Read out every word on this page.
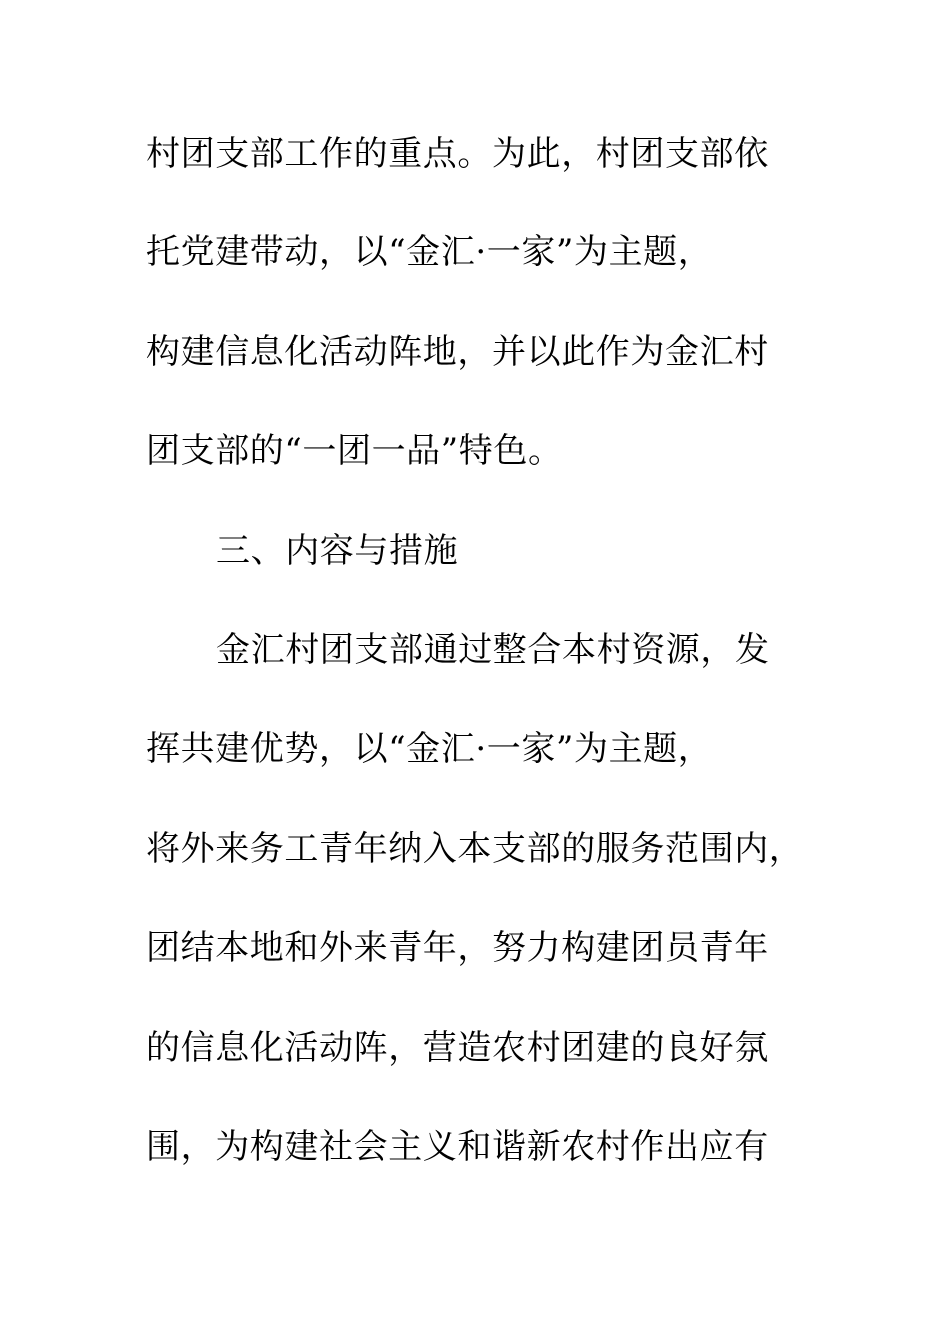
村团支部工作的重点。为此，村团支部依
托党建带动，以“金汇·一家”为主题，
构建信息化活动阵地，并以此作为金汇村
团支部的“一团一品”特色。
三、内容与措施
金汇村团支部通过整合本村资源，发
挥共建优势，以“金汇·一家”为主题，
将外来务工青年纳入本支部的服务范围内，
团结本地和外来青年，努力构建团员青年
的信息化活动阵，营造农村团建的良好氛
围，为构建社会主义和谐新农村作出应有
